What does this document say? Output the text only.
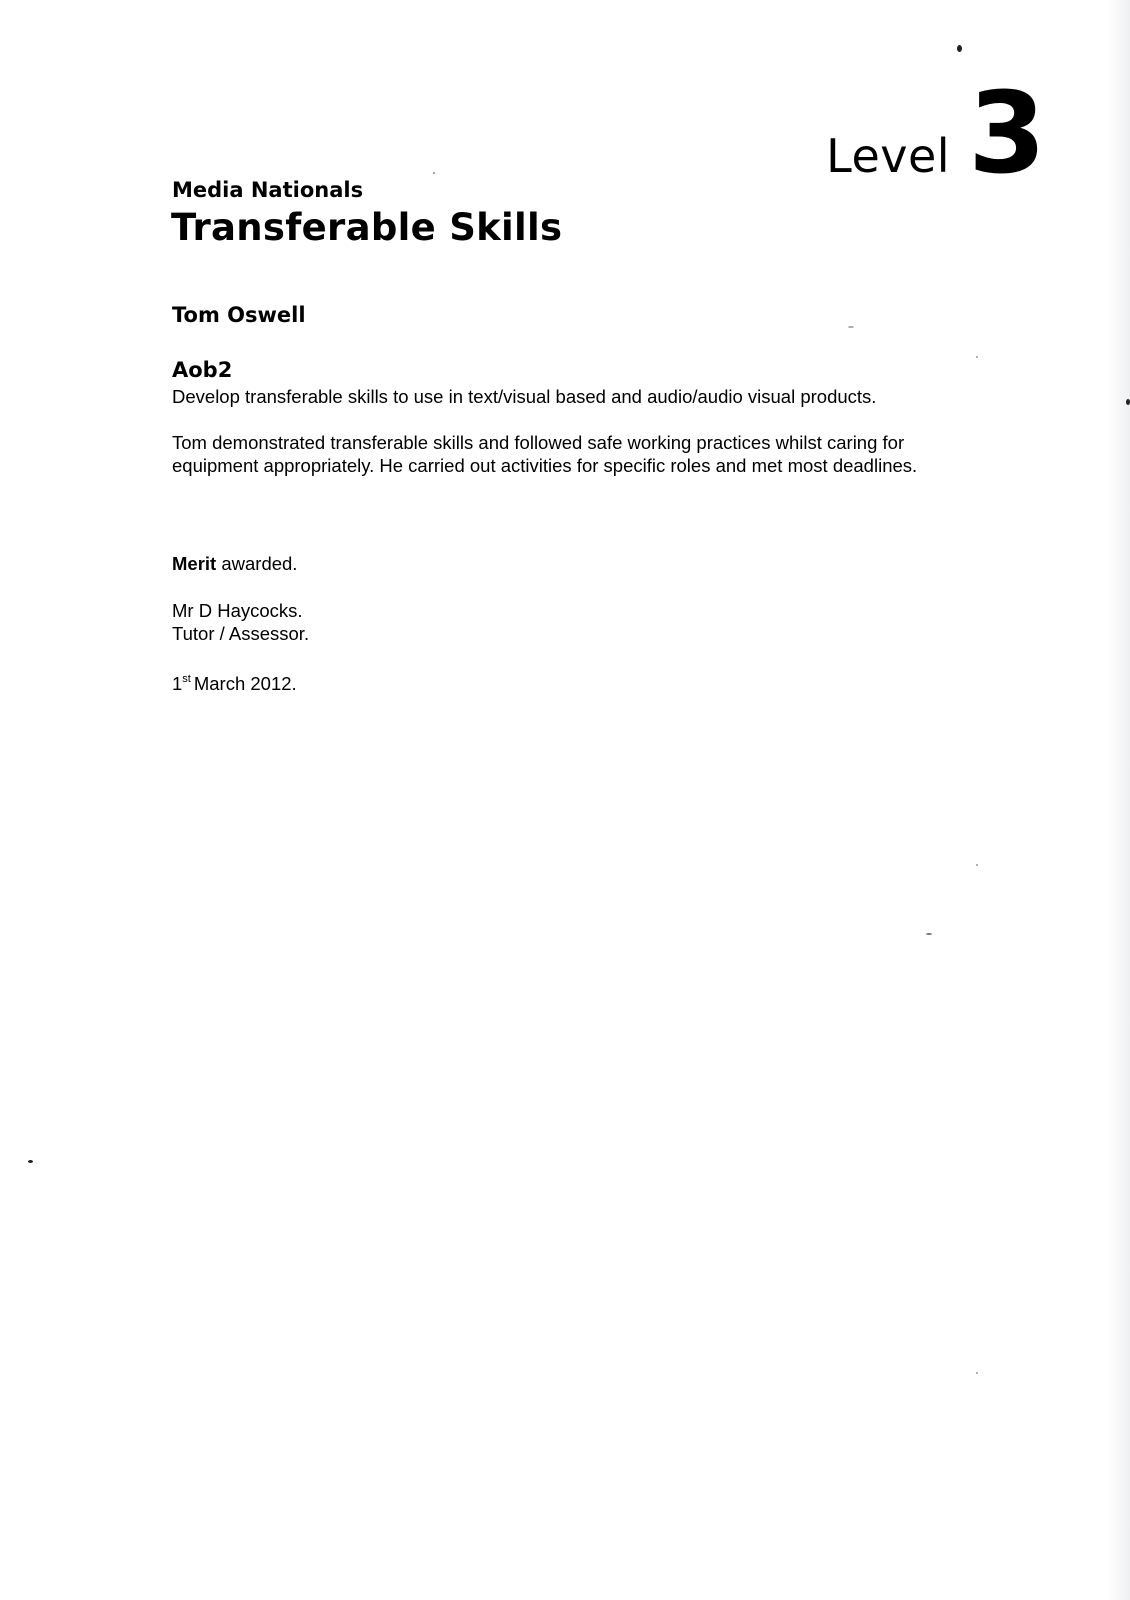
Level 3
Media Nationals
Transferable Skills
Tom Oswell
Aob2
Develop transferable skills to use in text/visual based and audio/audio visual products.
Tom demonstrated transferable skills and followed safe working practices whilst caring for equipment appropriately. He carried out activities for specific roles and met most deadlines.
Merit awarded.
Mr D Haycocks.
Tutor / Assessor.
1st March 2012.
